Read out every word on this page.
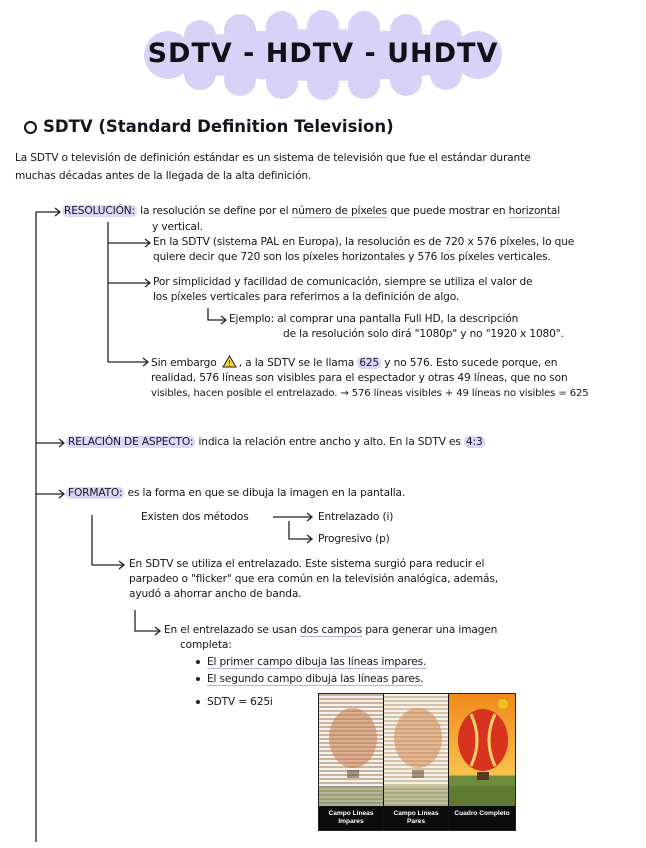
SDTV - HDTV - UHDTV
SDTV (Standard Definition Television)
La SDTV o televisión de definición estándar es un sistema de televisión que fue el estándar durante
muchas décadas antes de la llegada de la alta definición.
RESOLUCIÓN: la resolución se define por el número de píxeles que puede mostrar en horizontal
y vertical.
En la SDTV (sistema PAL en Europa), la resolución es de 720 x 576 píxeles, lo que
quiere decir que 720 son los píxeles horizontales y 576 los píxeles verticales.
Por simplicidad y facilidad de comunicación, siempre se utiliza el valor de
los píxeles verticales para referirnos a la definición de algo.
Ejemplo: al comprar una pantalla Full HD, la descripción
de la resolución solo dirá "1080p" y no "1920 x 1080".
Sin embargo ! , a la SDTV se le llama 625 y no 576. Esto sucede porque, en
realidad, 576 líneas son visibles para el espectador y otras 49 líneas, que no son
visibles, hacen posible el entrelazado. → 576 líneas visibles + 49 líneas no visibles = 625
RELACIÓN DE ASPECTO: indica la relación entre ancho y alto. En la SDTV es 4:3
FORMATO: es la forma en que se dibuja la imagen en la pantalla.
Existen dos métodos	Entrelazado (i)
Progresivo (p)
En SDTV se utiliza el entrelazado. Este sistema surgió para reducir el
parpadeo o "flicker" que era común en la televisión analógica, además,
ayudó a ahorrar ancho de banda.
En el entrelazado se usan dos campos para generar una imagen
completa:
El primer campo dibuja las líneas impares.
El segundo campo dibuja las líneas pares.
SDTV = 625i
Campo Líneas Impares
Campo Líneas Pares
Cuadro Completo
